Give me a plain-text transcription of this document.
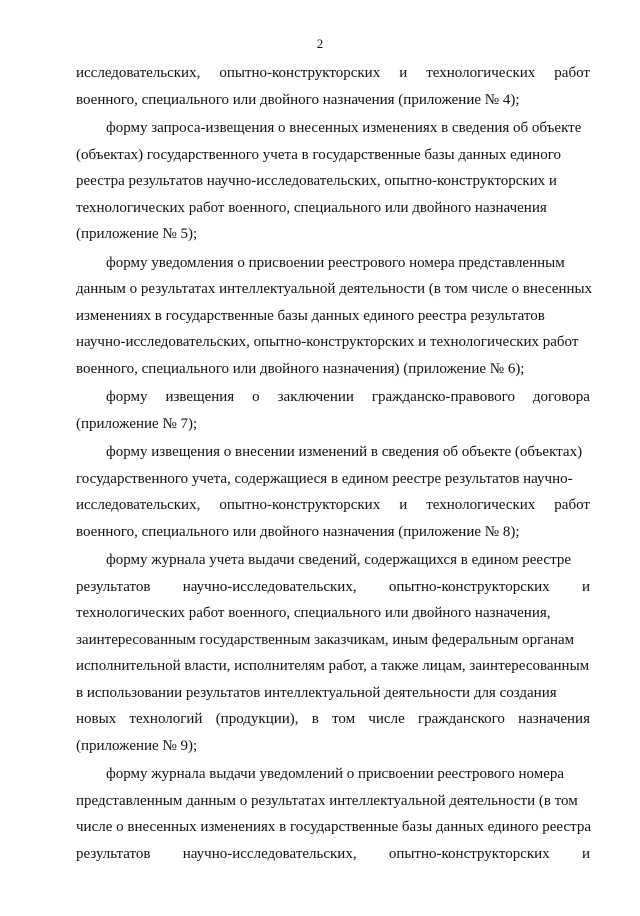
2
исследовательских, опытно-конструкторских и технологических работ
военного, специального или двойного назначения (приложение № 4);
форму запроса-извещения о внесенных изменениях в сведения об объекте
(объектах) государственного учета в государственные базы данных единого
реестра результатов научно-исследовательских, опытно-конструкторских и
технологических работ военного, специального или двойного назначения
(приложение № 5);
форму уведомления о присвоении реестрового номера представленным
данным о результатах интеллектуальной деятельности (в том числе о внесенных
изменениях в государственные базы данных единого реестра результатов
научно-исследовательских, опытно-конструкторских и технологических работ
военного, специального или двойного назначения) (приложение № 6);
форму извещения о заключении гражданско-правового договора
(приложение № 7);
форму извещения о внесении изменений в сведения об объекте (объектах)
государственного учета, содержащиеся в едином реестре результатов научно-
исследовательских, опытно-конструкторских и технологических работ
военного, специального или двойного назначения (приложение № 8);
форму журнала учета выдачи сведений, содержащихся в едином реестре
результатов научно-исследовательских, опытно-конструкторских и
технологических работ военного, специального или двойного назначения,
заинтересованным государственным заказчикам, иным федеральным органам
исполнительной власти, исполнителям работ, а также лицам, заинтересованным
в использовании результатов интеллектуальной деятельности для создания
новых технологий (продукции), в том числе гражданского назначения
(приложение № 9);
форму журнала выдачи уведомлений о присвоении реестрового номера
представленным данным о результатах интеллектуальной деятельности (в том
числе о внесенных изменениях в государственные базы данных единого реестра
результатов научно-исследовательских, опытно-конструкторских и
